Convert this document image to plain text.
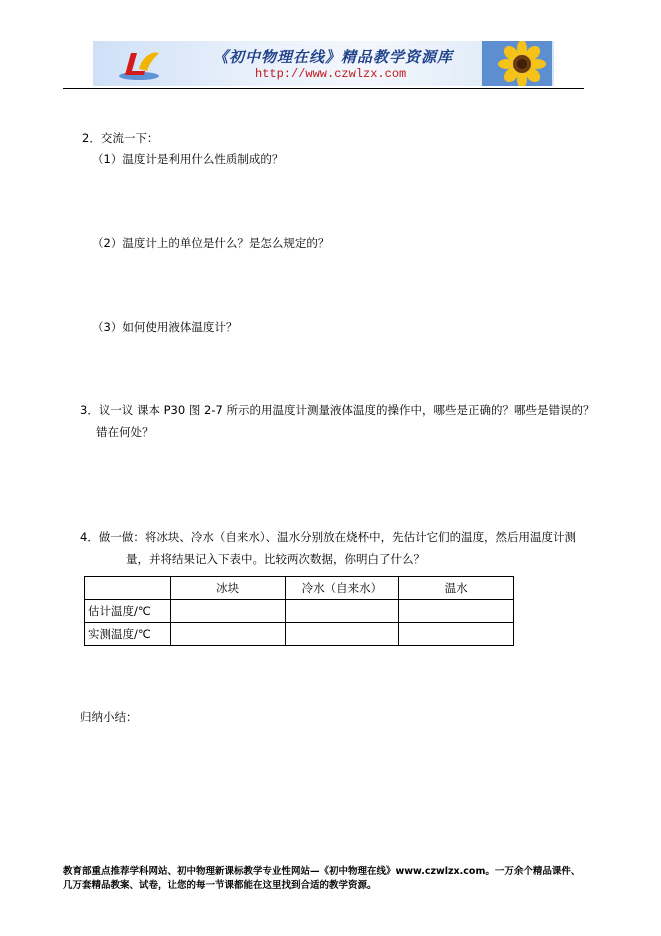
《初中物理在线》精品教学资源库
http://www.czwlzx.com
2．交流一下：
（1）温度计是利用什么性质制成的？
（2）温度计上的单位是什么？是怎么规定的？
（3）如何使用液体温度计？
3．议一议 课本 P30 图 2-7 所示的用温度计测量液体温度的操作中，哪些是正确的？哪些是错误的？
错在何处？
4．做一做：将冰块、冷水（自来水）、温水分别放在烧杯中，先估计它们的温度，然后用温度计测
量，并将结果记入下表中。比较两次数据，你明白了什么？
	冰块	冷水（自来水）	温水
估计温度/℃			
实测温度/℃			
归纳小结：
教育部重点推荐学科网站、初中物理新课标教学专业性网站—《初中物理在线》www.czwlzx.com。一万余个精品课件、
几万套精品教案、试卷，让您的每一节课都能在这里找到合适的教学资源。
